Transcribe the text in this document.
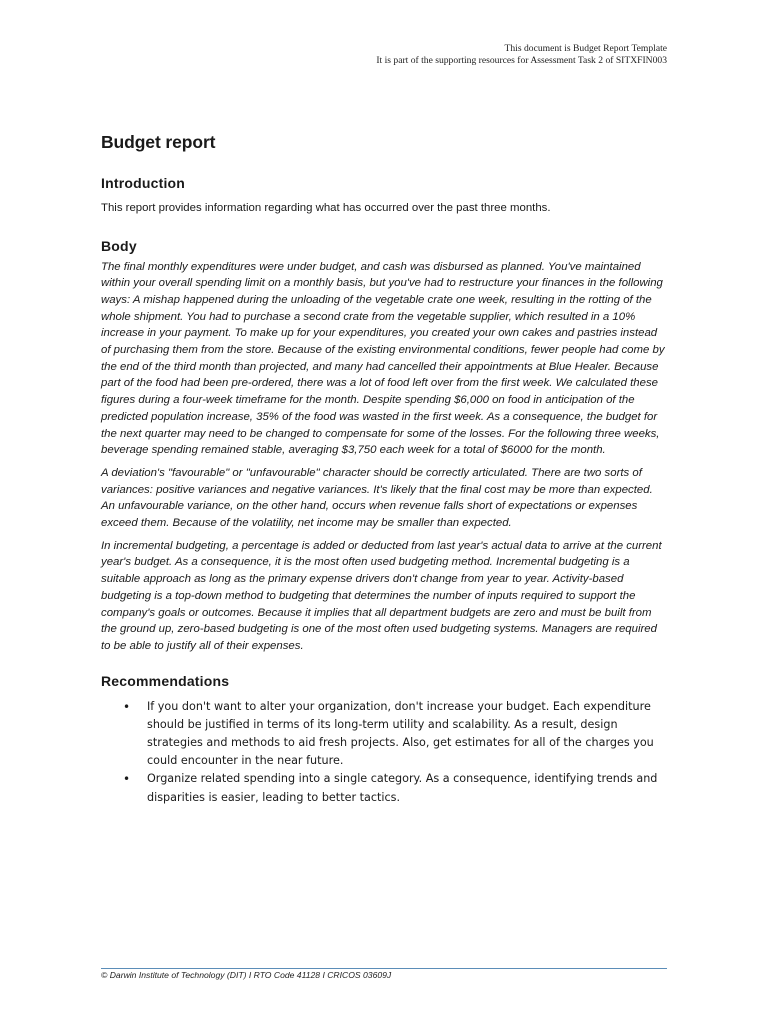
This document is Budget Report Template
It is part of the supporting resources for Assessment Task 2 of SITXFIN003
Budget report
Introduction

This report provides information regarding what has occurred over the past three months.

Body

The final monthly expenditures were under budget, and cash was disbursed as planned. You've maintained within your overall spending limit on a monthly basis, but you've had to restructure your finances in the following ways: A mishap happened during the unloading of the vegetable crate one week, resulting in the rotting of the whole shipment. You had to purchase a second crate from the vegetable supplier, which resulted in a 10% increase in your payment. To make up for your expenditures, you created your own cakes and pastries instead of purchasing them from the store. Because of the existing environmental conditions, fewer people had come by the end of the third month than projected, and many had cancelled their appointments at Blue Healer. Because part of the food had been pre-ordered, there was a lot of food left over from the first week. We calculated these figures during a four-week timeframe for the month. Despite spending $6,000 on food in anticipation of the predicted population increase, 35% of the food was wasted in the first week. As a consequence, the budget for the next quarter may need to be changed to compensate for some of the losses. For the following three weeks, beverage spending remained stable, averaging $3,750 each week for a total of $6000 for the month.

A deviation's "favourable" or "unfavourable" character should be correctly articulated. There are two sorts of variances: positive variances and negative variances. It's likely that the final cost may be more than expected. An unfavourable variance, on the other hand, occurs when revenue falls short of expectations or expenses exceed them. Because of the volatility, net income may be smaller than expected.

In incremental budgeting, a percentage is added or deducted from last year's actual data to arrive at the current year's budget. As a consequence, it is the most often used budgeting method. Incremental budgeting is a suitable approach as long as the primary expense drivers don't change from year to year. Activity-based budgeting is a top-down method to budgeting that determines the number of inputs required to support the company's goals or outcomes. Because it implies that all department budgets are zero and must be built from the ground up, zero-based budgeting is one of the most often used budgeting systems. Managers are required to be able to justify all of their expenses.

Recommendations
• If you don't want to alter your organization, don't increase your budget. Each expenditure should be justified in terms of its long-term utility and scalability. As a result, design strategies and methods to aid fresh projects. Also, get estimates for all of the charges you could encounter in the near future.
• Organize related spending into a single category. As a consequence, identifying trends and disparities is easier, leading to better tactics.
© Darwin Institute of Technology (DIT) I RTO Code 41128 I CRICOS 03609J
